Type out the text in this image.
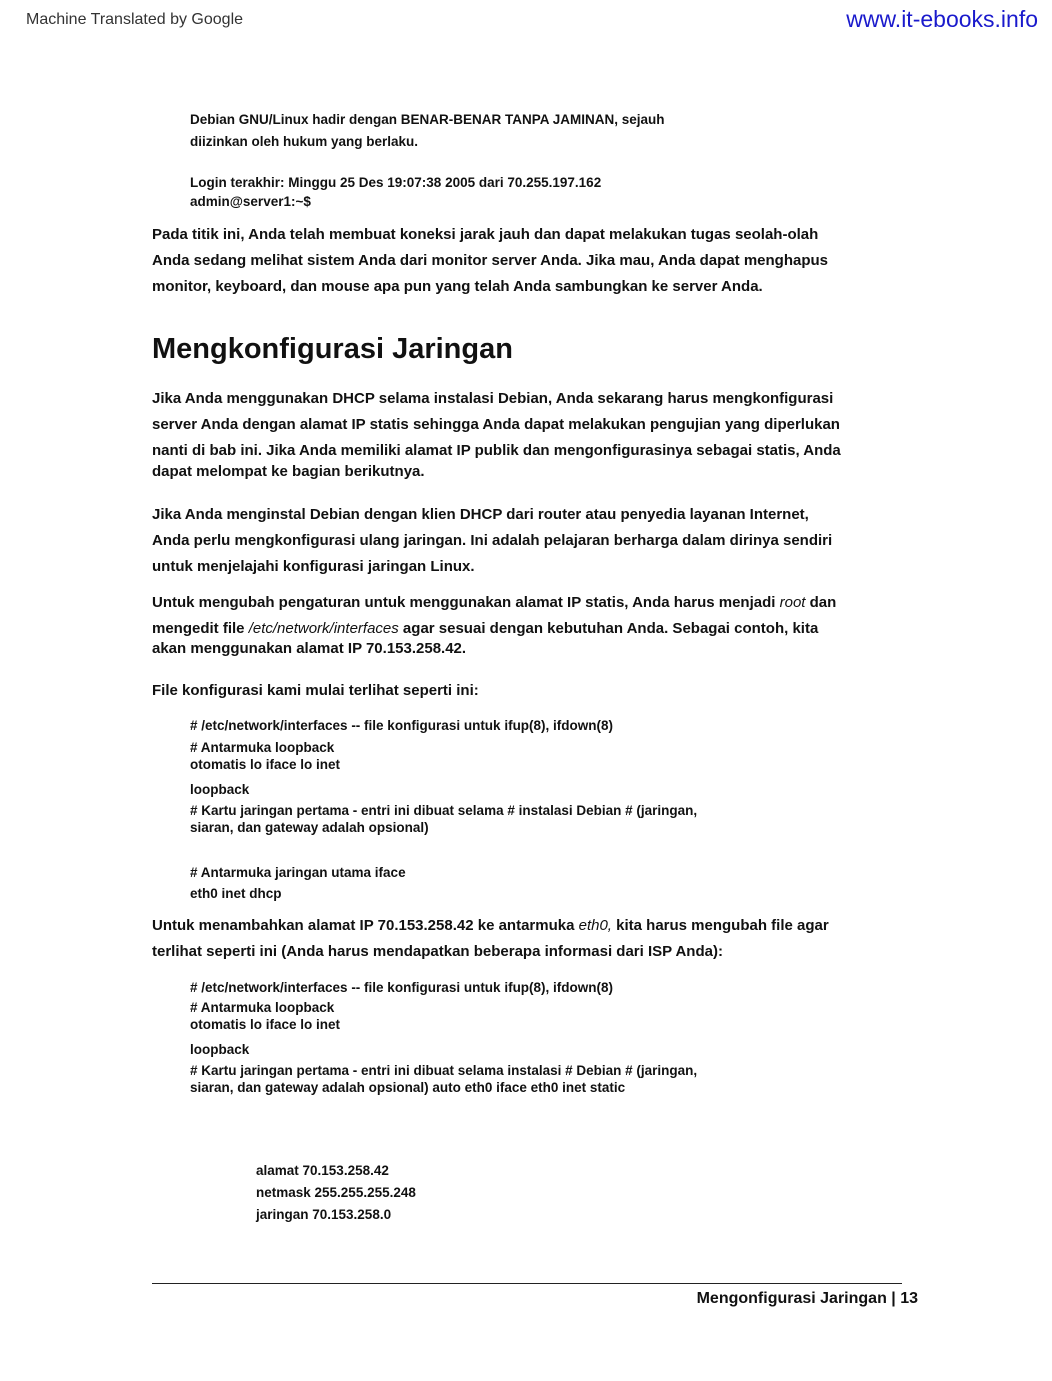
Machine Translated by Google	www.it-ebooks.info
Debian GNU/Linux hadir dengan BENAR-BENAR TANPA JAMINAN, sejauh
diizinkan oleh hukum yang berlaku.
Login terakhir: Minggu 25 Des 19:07:38 2005 dari 70.255.197.162
admin@server1:~$
Pada titik ini, Anda telah membuat koneksi jarak jauh dan dapat melakukan tugas seolah-olah
Anda sedang melihat sistem Anda dari monitor server Anda. Jika mau, Anda dapat menghapus
monitor, keyboard, dan mouse apa pun yang telah Anda sambungkan ke server Anda.
Mengkonfigurasi Jaringan
Jika Anda menggunakan DHCP selama instalasi Debian, Anda sekarang harus mengkonfigurasi
server Anda dengan alamat IP statis sehingga Anda dapat melakukan pengujian yang diperlukan
nanti di bab ini. Jika Anda memiliki alamat IP publik dan mengonfigurasinya sebagai statis, Anda
dapat melompat ke bagian berikutnya.
Jika Anda menginstal Debian dengan klien DHCP dari router atau penyedia layanan Internet,
Anda perlu mengkonfigurasi ulang jaringan. Ini adalah pelajaran berharga dalam dirinya sendiri
untuk menjelajahi konfigurasi jaringan Linux.
Untuk mengubah pengaturan untuk menggunakan alamat IP statis, Anda harus menjadi root dan
mengedit file /etc/network/interfaces agar sesuai dengan kebutuhan Anda. Sebagai contoh, kita
akan menggunakan alamat IP 70.153.258.42.
File konfigurasi kami mulai terlihat seperti ini:
# /etc/network/interfaces -- file konfigurasi untuk ifup(8), ifdown(8)
# Antarmuka loopback
otomatis lo iface lo inet
loopback
# Kartu jaringan pertama - entri ini dibuat selama # instalasi Debian # (jaringan,
siaran, dan gateway adalah opsional)
# Antarmuka jaringan utama iface
eth0 inet dhcp
Untuk menambahkan alamat IP 70.153.258.42 ke antarmuka eth0, kita harus mengubah file agar
terlihat seperti ini (Anda harus mendapatkan beberapa informasi dari ISP Anda):
# /etc/network/interfaces -- file konfigurasi untuk ifup(8), ifdown(8)
# Antarmuka loopback
otomatis lo iface lo inet
loopback
# Kartu jaringan pertama - entri ini dibuat selama instalasi # Debian # (jaringan,
siaran, dan gateway adalah opsional) auto eth0 iface eth0 inet static
alamat 70.153.258.42
netmask 255.255.255.248
jaringan 70.153.258.0
Mengonfigurasi Jaringan | 13
